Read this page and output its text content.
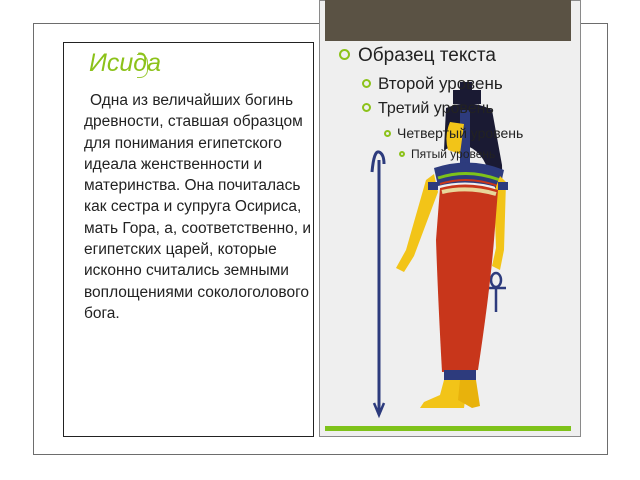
Исида
Одна из величайших богинь древности, ставшая образцом для понимания египетского идеала женственности и материнства. Она почиталась как сестра и супруга Осириса, мать Гора, а, соответственно, и египетских царей, которые исконно считались земными воплощениями сокологолового бога.
Образец текста
Второй уровень
Третий уровень
Четвертый уровень
Пятый уровень
